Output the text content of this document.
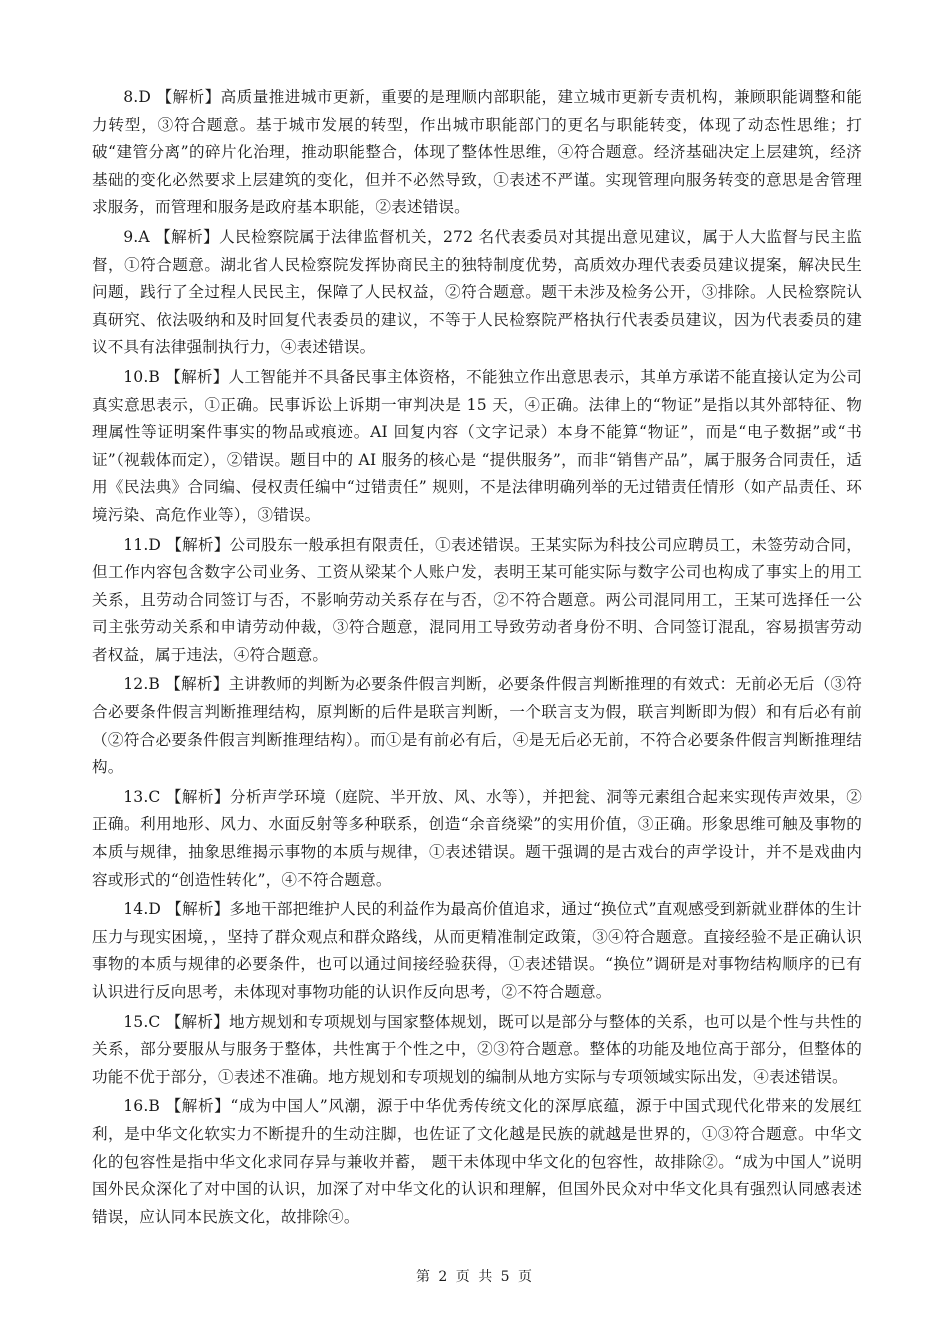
8.D 【解析】高质量推进城市更新，重要的是理顺内部职能，建立城市更新专责机构，兼顾职能调整和能力转型，③符合题意。基于城市发展的转型，作出城市职能部门的更名与职能转变，体现了动态性思维；打破“建管分离”的碎片化治理，推动职能整合，体现了整体性思维，④符合题意。经济基础决定上层建筑，经济基础的变化必然要求上层建筑的变化，但并不必然导致，①表述不严谨。实现管理向服务转变的意思是舍管理求服务，而管理和服务是政府基本职能，②表述错误。

9.A 【解析】人民检察院属于法律监督机关，272 名代表委员对其提出意见建议，属于人大监督与民主监督，①符合题意。湖北省人民检察院发挥协商民主的独特制度优势，高质效办理代表委员建议提案，解决民生问题，践行了全过程人民民主，保障了人民权益，②符合题意。题干未涉及检务公开，③排除。人民检察院认真研究、依法吸纳和及时回复代表委员的建议，不等于人民检察院严格执行代表委员建议，因为代表委员的建议不具有法律强制执行力，④表述错误。

10.B 【解析】人工智能并不具备民事主体资格，不能独立作出意思表示，其单方承诺不能直接认定为公司真实意思表示，①正确。民事诉讼上诉期一审判决是 15 天，④正确。法律上的“物证”是指以其外部特征、物理属性等证明案件事实的物品或痕迹。AI 回复内容（文字记录）本身不能算“物证”，而是“电子数据”或“书证”（视载体而定），②错误。题目中的 AI 服务的核心是 “提供服务”，而非“销售产品”，属于服务合同责任，适用《民法典》合同编、侵权责任编中“过错责任” 规则，不是法律明确列举的无过错责任情形（如产品责任、环境污染、高危作业等），③错误。

11.D 【解析】公司股东一般承担有限责任，①表述错误。王某实际为科技公司应聘员工，未签劳动合同，但工作内容包含数字公司业务、工资从梁某个人账户发，表明王某可能实际与数字公司也构成了事实上的用工关系，且劳动合同签订与否，不影响劳动关系存在与否，②不符合题意。两公司混同用工，王某可选择任一公司主张劳动关系和申请劳动仲裁，③符合题意，混同用工导致劳动者身份不明、合同签订混乱，容易损害劳动者权益，属于违法，④符合题意。

12.B 【解析】主讲教师的判断为必要条件假言判断，必要条件假言判断推理的有效式：无前必无后（③符合必要条件假言判断推理结构，原判断的后件是联言判断，一个联言支为假，联言判断即为假）和有后必有前（②符合必要条件假言判断推理结构）。而①是有前必有后，④是无后必无前，不符合必要条件假言判断推理结构。

13.C 【解析】分析声学环境（庭院、半开放、风、水等），并把瓮、洞等元素组合起来实现传声效果，②正确。利用地形、风力、水面反射等多种联系，创造“余音绕梁”的实用价值，③正确。形象思维可触及事物的本质与规律，抽象思维揭示事物的本质与规律，①表述错误。题干强调的是古戏台的声学设计，并不是戏曲内容或形式的“创造性转化”，④不符合题意。

14.D 【解析】多地干部把维护人民的利益作为最高价值追求，通过“换位式”直观感受到新就业群体的生计压力与现实困境，，坚持了群众观点和群众路线，从而更精准制定政策，③④符合题意。直接经验不是正确认识事物的本质与规律的必要条件，也可以通过间接经验获得，①表述错误。“换位”调研是对事物结构顺序的已有认识进行反向思考，未体现对事物功能的认识作反向思考，②不符合题意。

15.C 【解析】地方规划和专项规划与国家整体规划，既可以是部分与整体的关系，也可以是个性与共性的关系，部分要服从与服务于整体，共性寓于个性之中，②③符合题意。整体的功能及地位高于部分，但整体的功能不优于部分，①表述不准确。地方规划和专项规划的编制从地方实际与专项领域实际出发，④表述错误。

16.B 【解析】“成为中国人”风潮，源于中华优秀传统文化的深厚底蕴，源于中国式现代化带来的发展红利，是中华文化软实力不断提升的生动注脚，也佐证了文化越是民族的就越是世界的，①③符合题意。中华文化的包容性是指中华文化求同存异与兼收并蓄， 题干未体现中华文化的包容性，故排除②。“成为中国人”说明国外民众深化了对中国的认识，加深了对中华文化的认识和理解，但国外民众对中华文化具有强烈认同感表述错误，应认同本民族文化，故排除④。

第 2 页 共 5 页
